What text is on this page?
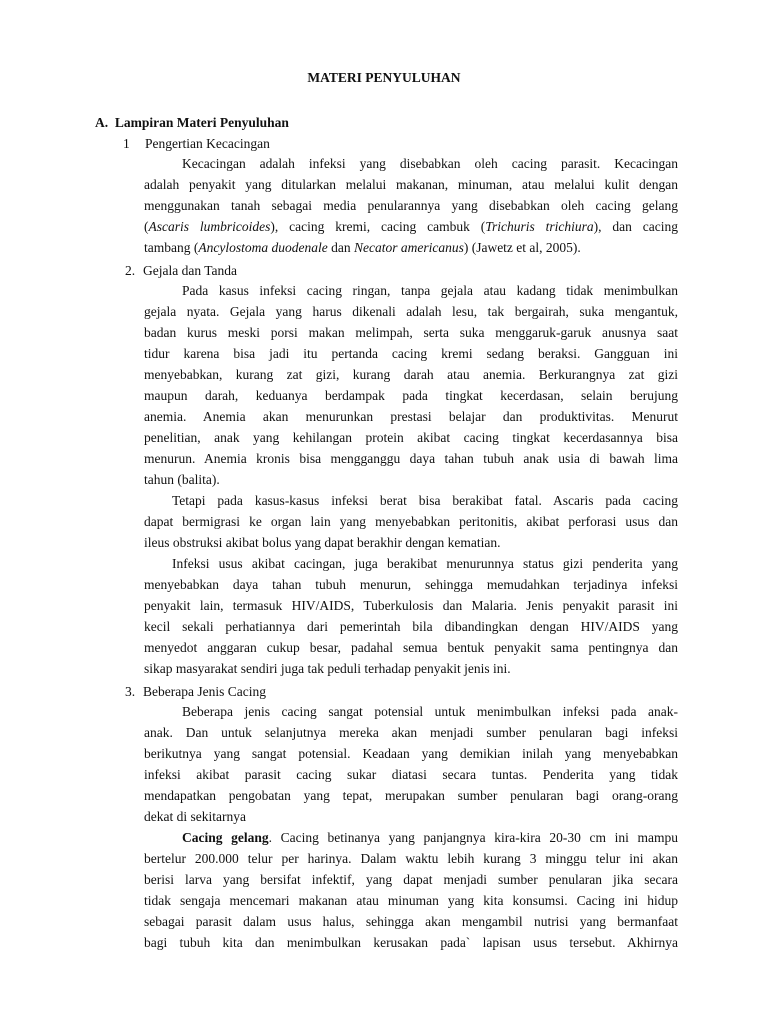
MATERI PENYULUHAN
A. Lampiran Materi Penyuluhan
1 Pengertian Kecacingan
Kecacingan adalah infeksi yang disebabkan oleh cacing parasit. Kecacingan
adalah penyakit yang ditularkan melalui makanan, minuman, atau melalui kulit dengan
menggunakan tanah sebagai media penularannya yang disebabkan oleh cacing gelang
(Ascaris lumbricoides), cacing kremi, cacing cambuk (Trichuris trichiura), dan cacing
tambang (Ancylostoma duodenale dan Necator americanus) (Jawetz et al, 2005).
2. Gejala dan Tanda
Pada kasus infeksi cacing ringan, tanpa gejala atau kadang tidak menimbulkan
gejala nyata. Gejala yang harus dikenali adalah lesu, tak bergairah, suka mengantuk,
badan kurus meski porsi makan melimpah, serta suka menggaruk-garuk anusnya saat
tidur karena bisa jadi itu pertanda cacing kremi sedang beraksi. Gangguan ini
menyebabkan, kurang zat gizi, kurang darah atau anemia. Berkurangnya zat gizi
maupun darah, keduanya berdampak pada tingkat kecerdasan, selain berujung
anemia. Anemia akan menurunkan prestasi belajar dan produktivitas. Menurut
penelitian, anak yang kehilangan protein akibat cacing tingkat kecerdasannya bisa
menurun. Anemia kronis bisa mengganggu daya tahan tubuh anak usia di bawah lima
tahun (balita).
Tetapi pada kasus-kasus infeksi berat bisa berakibat fatal. Ascaris pada cacing
dapat bermigrasi ke organ lain yang menyebabkan peritonitis, akibat perforasi usus dan
ileus obstruksi akibat bolus yang dapat berakhir dengan kematian.
Infeksi usus akibat cacingan, juga berakibat menurunnya status gizi penderita yang
menyebabkan daya tahan tubuh menurun, sehingga memudahkan terjadinya infeksi
penyakit lain, termasuk HIV/AIDS, Tuberkulosis dan Malaria. Jenis penyakit parasit ini
kecil sekali perhatiannya dari pemerintah bila dibandingkan dengan HIV/AIDS yang
menyedot anggaran cukup besar, padahal semua bentuk penyakit sama pentingnya dan
sikap masyarakat sendiri juga tak peduli terhadap penyakit jenis ini.
3. Beberapa Jenis Cacing
Beberapa jenis cacing sangat potensial untuk menimbulkan infeksi pada anak-
anak. Dan untuk selanjutnya mereka akan menjadi sumber penularan bagi infeksi
berikutnya yang sangat potensial. Keadaan yang demikian inilah yang menyebabkan
infeksi akibat parasit cacing sukar diatasi secara tuntas. Penderita yang tidak
mendapatkan pengobatan yang tepat, merupakan sumber penularan bagi orang-orang
dekat di sekitarnya
Cacing gelang. Cacing betinanya yang panjangnya kira-kira 20-30 cm ini mampu
bertelur 200.000 telur per harinya. Dalam waktu lebih kurang 3 minggu telur ini akan
berisi larva yang bersifat infektif, yang dapat menjadi sumber penularan jika secara
tidak sengaja mencemari makanan atau minuman yang kita konsumsi. Cacing ini hidup
sebagai parasit dalam usus halus, sehingga akan mengambil nutrisi yang bermanfaat
bagi tubuh kita dan menimbulkan kerusakan pada` lapisan usus tersebut. Akhirnya
